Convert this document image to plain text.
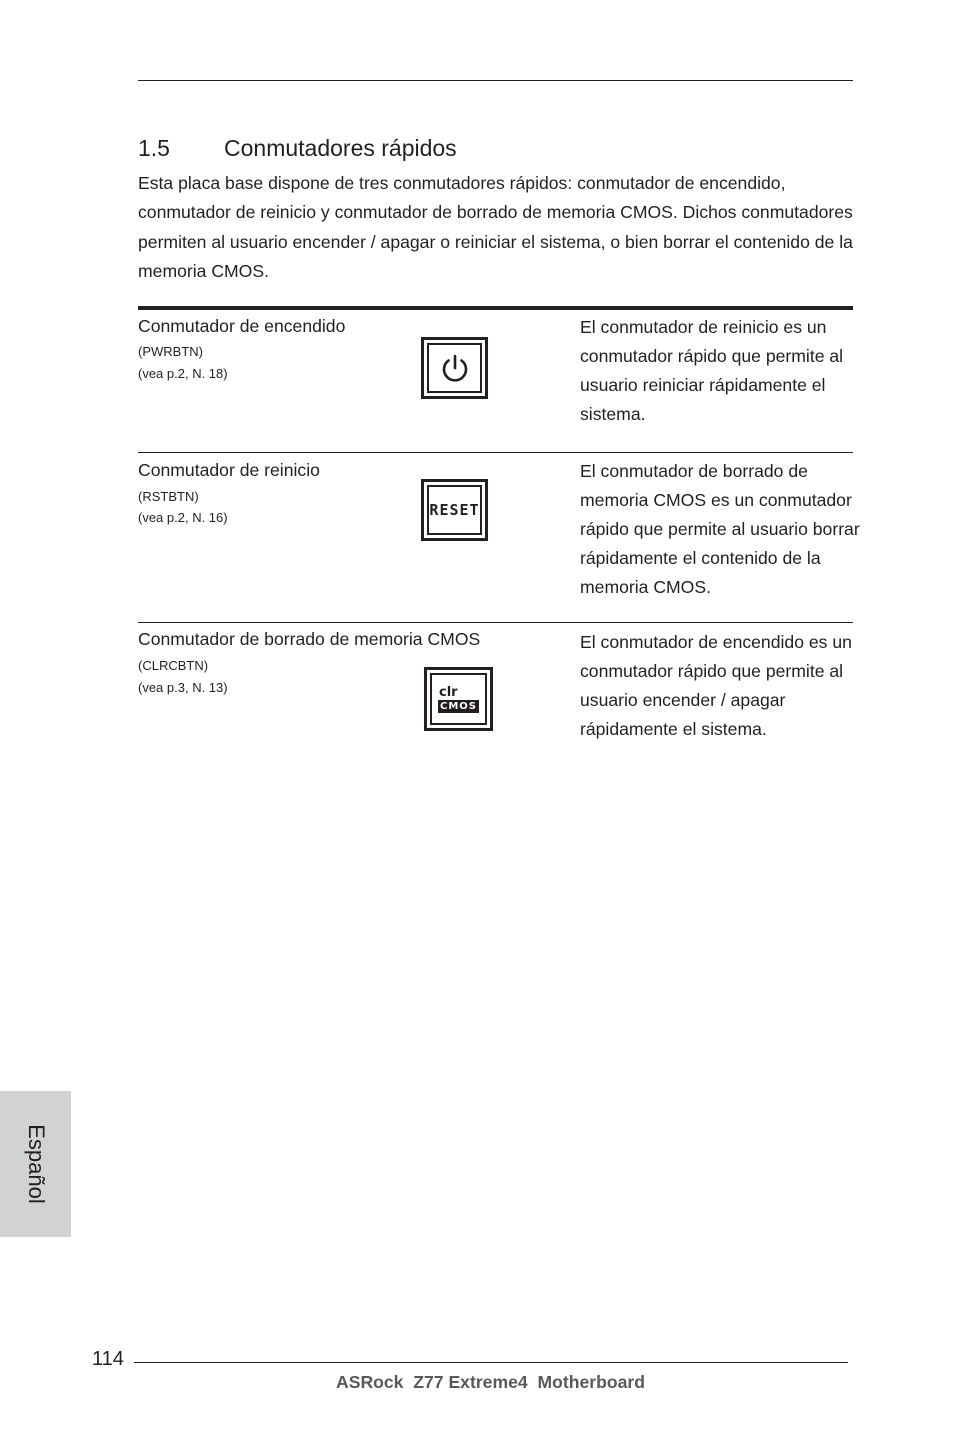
1.5 Conmutadores rápidos

Esta placa base dispone de tres conmutadores rápidos: conmutador de encendido, conmutador de reinicio y conmutador de borrado de memoria CMOS. Dichos conmutadores permiten al usuario encender / apagar o reiniciar el sistema, o bien borrar el contenido de la memoria CMOS.

Conmutador de encendido
(PWRBTN)
(vea p.2, N. 18)

El conmutador de reinicio es un conmutador rápido que permite al usuario reiniciar rápidamente el sistema.

Conmutador de reinicio
(RSTBTN)
(vea p.2, N. 16)	RESET

El conmutador de borrado de memoria CMOS es un conmutador rápido que permite al usuario borrar rápidamente el contenido de la memoria CMOS.

Conmutador de borrado de memoria CMOS
(CLRCBTN)
(vea p.3, N. 13)	clr
CMOS

El conmutador de encendido es un conmutador rápido que permite al usuario encender / apagar rápidamente el sistema.

Español
114
ASRock  Z77 Extreme4  Motherboard
